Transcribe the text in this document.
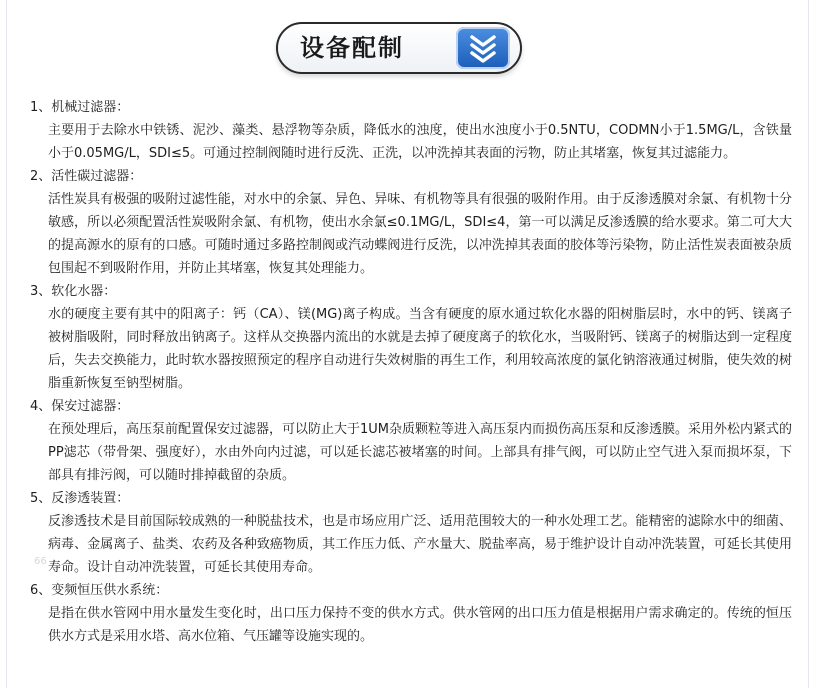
设备配制
1、机械过滤器：
主要用于去除水中铁锈、泥沙、藻类、悬浮物等杂质，降低水的浊度，使出水浊度小于0.5NTU，CODMN小于1.5MG/L，含铁量小于0.05MG/L，SDI≤5。可通过控制阀随时进行反洗、正洗，以冲洗掉其表面的污物，防止其堵塞，恢复其过滤能力。
2、活性碳过滤器：
活性炭具有极强的吸附过滤性能，对水中的余氯、异色、异味、有机物等具有很强的吸附作用。由于反渗透膜对余氯、有机物十分敏感，所以必须配置活性炭吸附余氯、有机物，使出水余氯≤0.1MG/L，SDI≤4，第一可以满足反渗透膜的给水要求。第二可大大的提高源水的原有的口感。可随时通过多路控制阀或汽动蝶阀进行反洗，以冲洗掉其表面的胶体等污染物，防止活性炭表面被杂质包围起不到吸附作用，并防止其堵塞，恢复其处理能力。
3、软化水器：
水的硬度主要有其中的阳离子：钙（CA）、镁(MG)离子构成。当含有硬度的原水通过软化水器的阳树脂层时，水中的钙、镁离子被树脂吸附，同时释放出钠离子。这样从交换器内流出的水就是去掉了硬度离子的软化水，当吸附钙、镁离子的树脂达到一定程度后，失去交换能力，此时软水器按照预定的程序自动进行失效树脂的再生工作，利用较高浓度的氯化钠溶液通过树脂，使失效的树脂重新恢复至钠型树脂。
4、保安过滤器：
在预处理后，高压泵前配置保安过滤器，可以防止大于1UM杂质颗粒等进入高压泵内而损伤高压泵和反渗透膜。采用外松内紧式的PP滤芯（带骨架、强度好），水由外向内过滤，可以延长滤芯被堵塞的时间。上部具有排气阀，可以防止空气进入泵而损坏泵，下部具有排污阀，可以随时排掉截留的杂质。
5、反渗透装置：
反渗透技术是目前国际较成熟的一种脱盐技术，也是市场应用广泛、适用范围较大的一种水处理工艺。能精密的滤除水中的细菌、病毒、金属离子、盐类、农药及各种致癌物质，其工作压力低、产水量大、脱盐率高，易于维护设计自动冲洗装置，可延长其使用寿命。设计自动冲洗装置，可延长其使用寿命。
6、变频恒压供水系统：
是指在供水管网中用水量发生变化时，出口压力保持不变的供水方式。供水管网的出口压力值是根据用户需求确定的。传统的恒压供水方式是采用水塔、高水位箱、气压罐等设施实现的。
66
